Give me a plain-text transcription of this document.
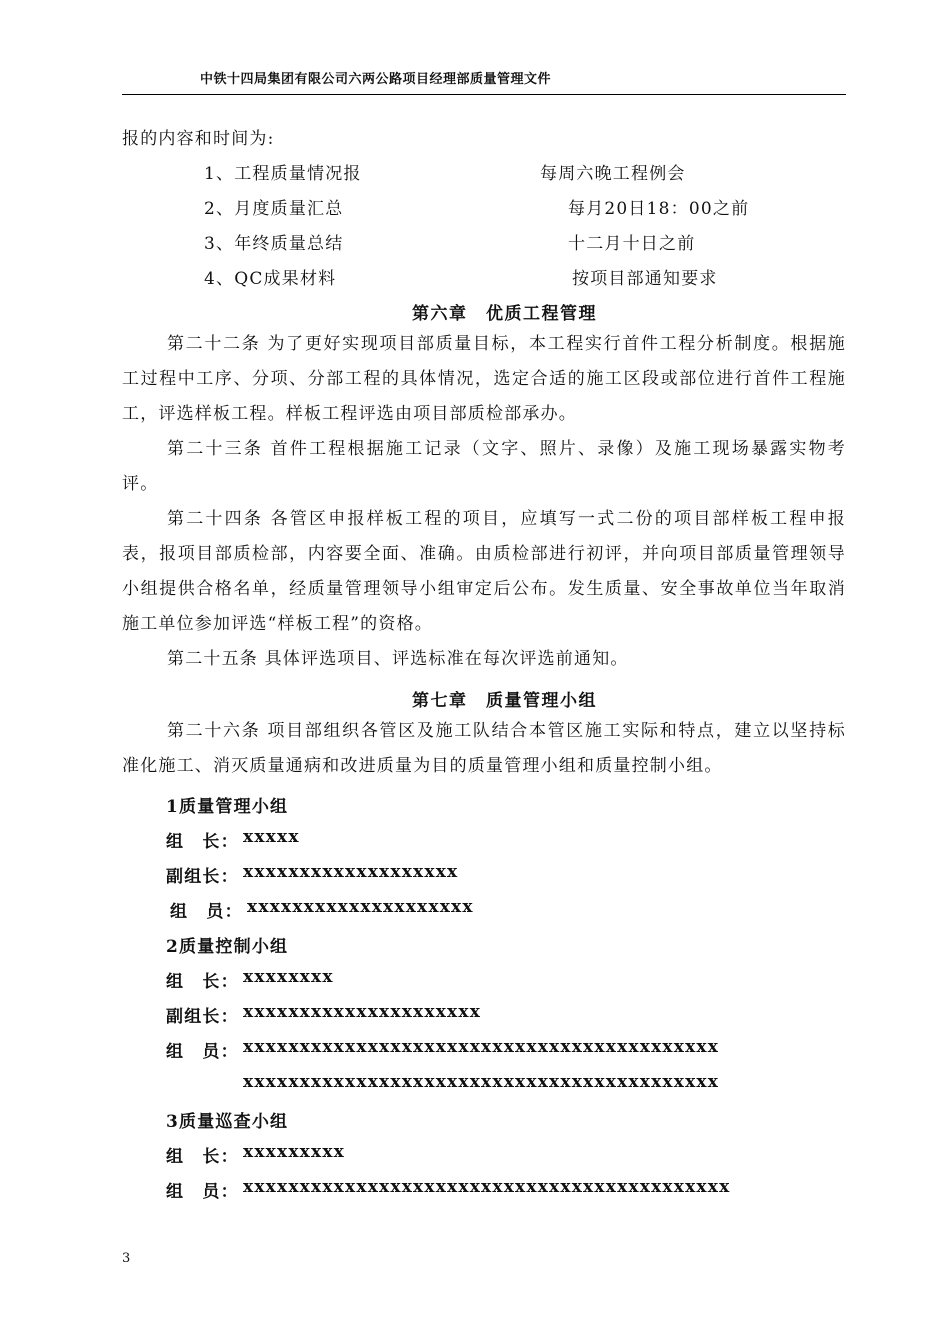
中铁十四局集团有限公司六两公路项目经理部质量管理文件
报的内容和时间为:
1、工程质量情况报	每周六晚工程例会
2、月度质量汇总	每月20日18：00之前
3、年终质量总结	十二月十日之前
4、QC成果材料	按项目部通知要求
第六章　优质工程管理
第二十二条 为了更好实现项目部质量目标，本工程实行首件工程分析制度。根据施工过程中工序、分项、分部工程的具体情况，选定合适的施工区段或部位进行首件工程施工，评选样板工程。样板工程评选由项目部质检部承办。
第二十三条 首件工程根据施工记录（文字、照片、录像）及施工现场暴露实物考评。
第二十四条 各管区申报样板工程的项目，应填写一式二份的项目部样板工程申报表，报项目部质检部，内容要全面、准确。由质检部进行初评，并向项目部质量管理领导小组提供合格名单，经质量管理领导小组审定后公布。发生质量、安全事故单位当年取消施工单位参加评选“样板工程”的资格。
第二十五条 具体评选项目、评选标准在每次评选前通知。
第七章　质量管理小组
第二十六条 项目部组织各管区及施工队结合本管区施工实际和特点，建立以坚持标准化施工、消灭质量通病和改进质量为目的质量管理小组和质量控制小组。
1质量管理小组
组　长： xxxxx
副组长： xxxxxxxxxxxxxxxxxxx
组　员： xxxxxxxxxxxxxxxxxxxx
2质量控制小组
组　长： xxxxxxxx
副组长： xxxxxxxxxxxxxxxxxxxxx
组　员： xxxxxxxxxxxxxxxxxxxxxxxxxxxxxxxxxxxxxxxxxx
xxxxxxxxxxxxxxxxxxxxxxxxxxxxxxxxxxxxxxxxxx
3质量巡查小组
组　长： xxxxxxxxx
组　员： xxxxxxxxxxxxxxxxxxxxxxxxxxxxxxxxxxxxxxxxxxx
3
